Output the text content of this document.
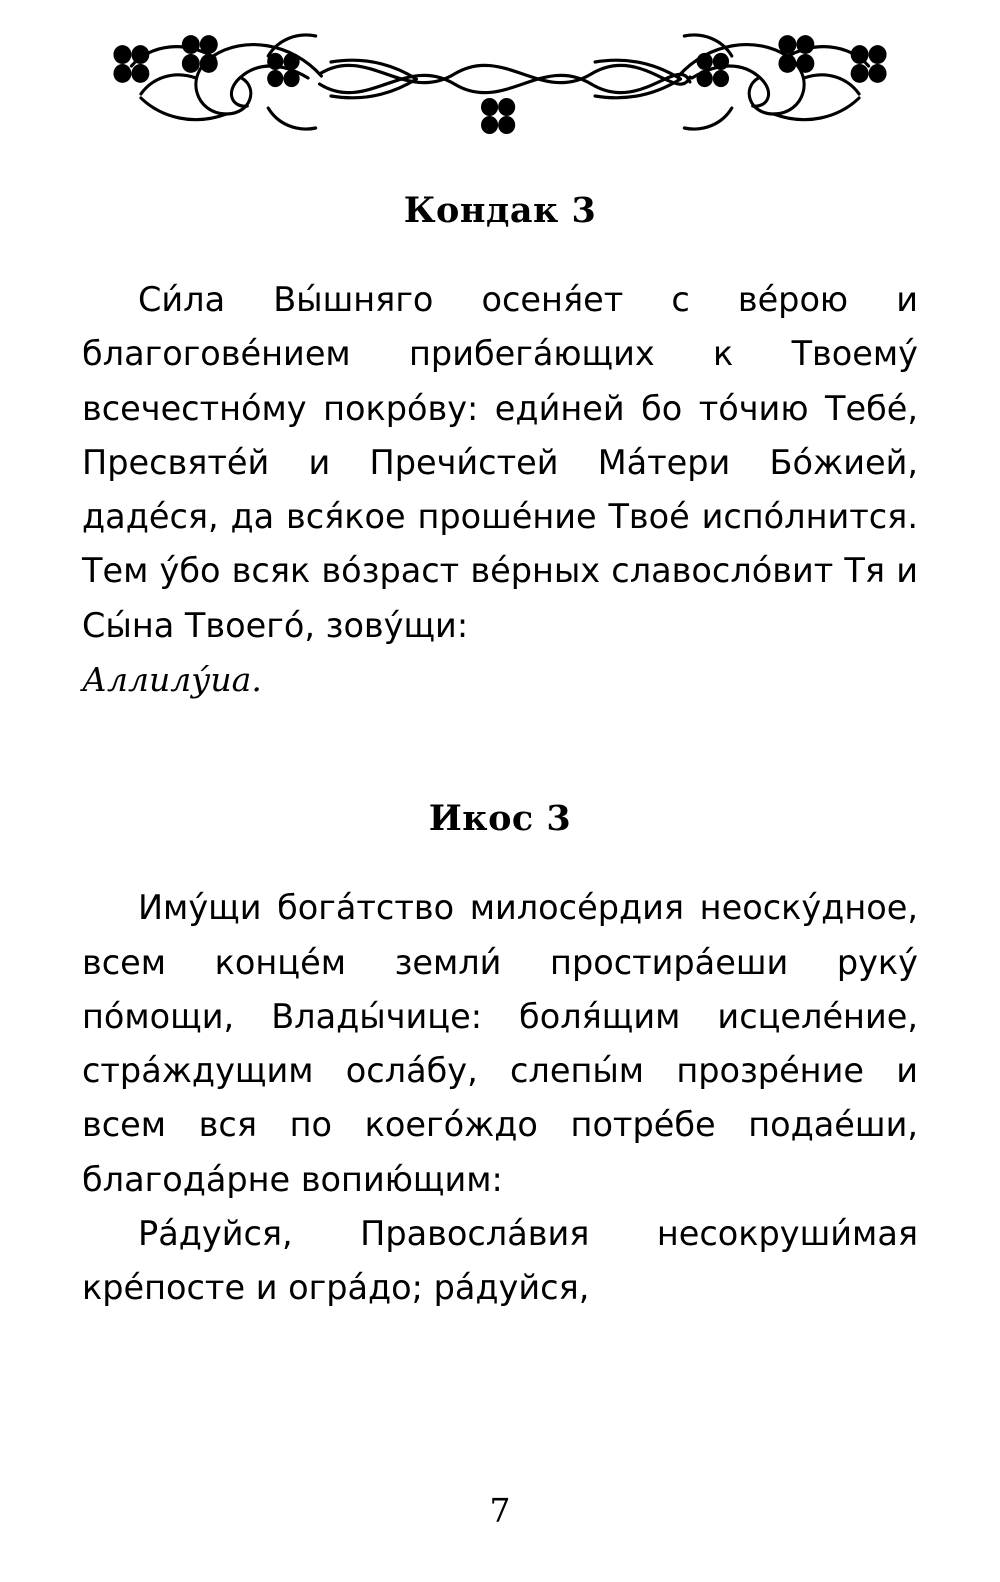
Кондак 3

Си́ла Вы́шняго осеня́ет с ве́рою и благогове́нием прибега́ющих к Твоему́ всечестно́му покро́ву: еди́ней бо то́чию Тебе́, Пресвяте́й и Пречи́стей Ма́тери Бо́жией, даде́ся, да вся́кое проше́ние Твое́ испо́лнится. Тем у́бо всяк во́зраст ве́рных славосло́вит Тя и Сы́на Твоего́, зову́щи:

Аллилу́иа.

Икос 3

Иму́щи бога́тство милосе́рдия неоску́дное, всем конце́м земли́ простира́еши руку́ по́мощи, Влады́чице: боля́щим исцеле́ние, стра́ждущим осла́бу, слепы́м прозре́ние и всем вся по коего́ждо потре́бе подае́ши, благода́рне вопию́щим:

Ра́дуйся, Правосла́вия несокруши́мая кре́посте и огра́до; ра́дуйся,

7
